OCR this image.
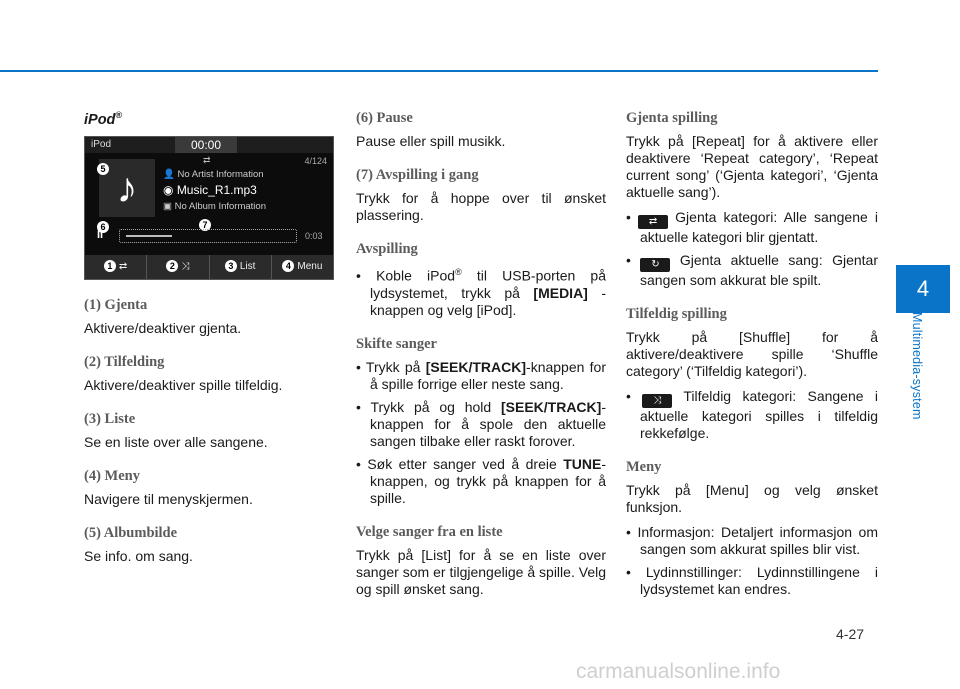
4
Multimedia-system
iPod®
iPod	00:00
⇄	4/124
♪
5	👤 No Artist Information
◉ Music_R1.mp3
▣ No Album Information
6	7
II	0:03
1 ⇄	2 ⤨	3 List	4 Menu
(1) Gjenta

Aktivere/deaktiver gjenta.

(2) Tilfelding

Aktivere/deaktiver spille tilfeldig.

(3) Liste

Se en liste over alle sangene.

(4) Meny

Navigere til menyskjermen.

(5) Albumbilde

Se info. om sang.

(6) Pause

Pause eller spill musikk.

(7) Avspilling i gang

Trykk for å hoppe over til ønsket plassering.

Avspilling
• Koble iPod® til USB-porten på lydsystemet, trykk på [MEDIA] -knappen og velg [iPod].
Skifte sanger
• Trykk på [SEEK/TRACK]-knappen for å spille forrige eller neste sang.
• Trykk på og hold [SEEK/TRACK]-knappen for å spole den aktuelle sangen tilbake eller raskt forover.
• Søk etter sanger ved å dreie TUNE-knappen, og trykk på knappen for å spille.
Velge sanger fra en liste

Trykk på [List] for å se en liste over sanger som er tilgjengelige å spille. Velg og spill ønsket sang.

Gjenta spilling

Trykk på [Repeat] for å aktivere eller deaktivere ‘Repeat category’, ‘Repeat current song’ (‘Gjenta kategori’, ‘Gjenta aktuelle sang’).

• ⇄ Gjenta kategori: Alle sangene i aktuelle kategori blir gjentatt.
• ↻ Gjenta aktuelle sang: Gjentar sangen som akkurat ble spilt.
Tilfeldig spilling

Trykk på [Shuffle] for å aktivere/deaktivere spille ‘Shuffle category’ (‘Tilfeldig kategori’).

• ⤨ Tilfeldig kategori: Sangene i aktuelle kategori spilles i tilfeldig rekkefølge.
Meny

Trykk på [Menu] og velg ønsket funksjon.

• Informasjon: Detaljert informasjon om sangen som akkurat spilles blir vist.
• Lydinnstillinger: Lydinnstillingene i lydsystemet kan endres.
4-27
carmanualsonline.info
